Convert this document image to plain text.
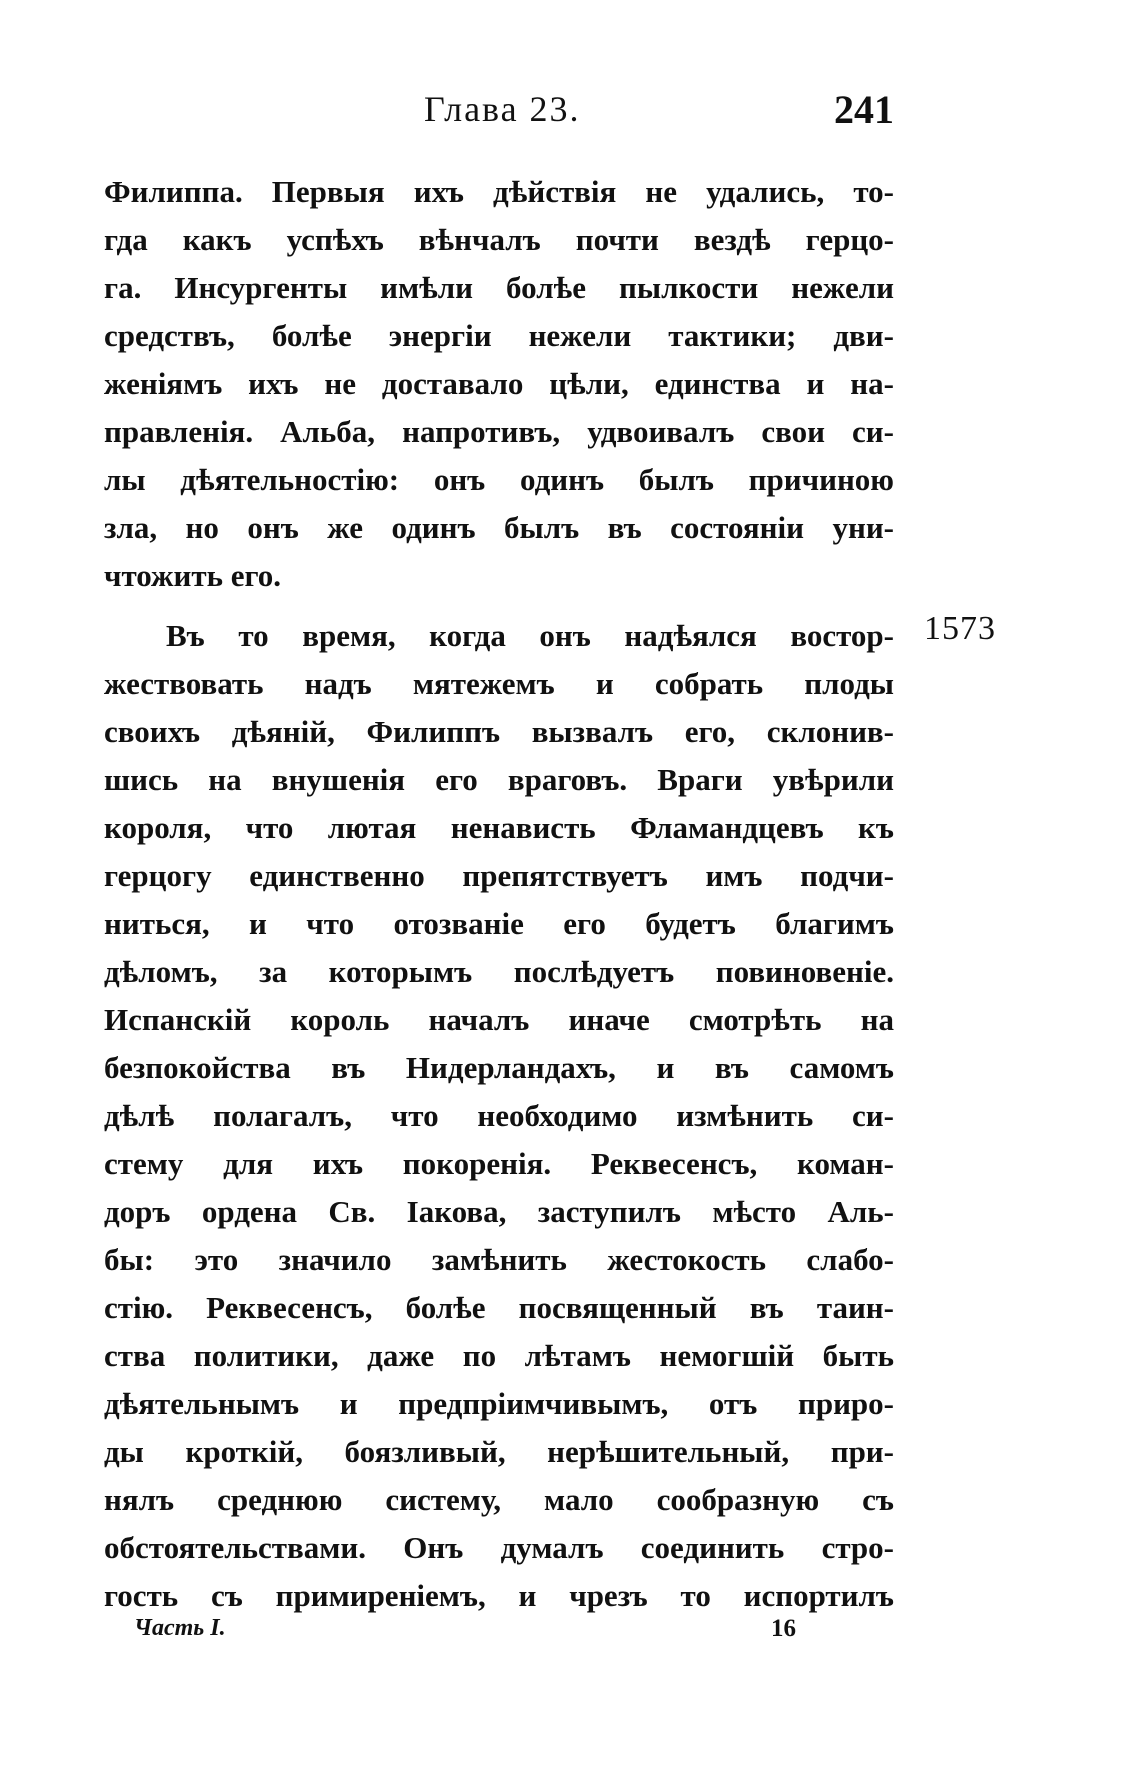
Глава 23.	241
1573
Филиппа. Первыя ихъ дѣйствія не удались, то-
гда какъ успѣхъ вѣнчалъ почти вездѣ герцо-
га. Инсургенты имѣли болѣе пылкости нежели
средствъ, болѣе энергіи нежели тактики; дви-
женіямъ ихъ не доставало цѣли, единства и на-
правленія. Альба, напротивъ, удвоивалъ свои си-
лы дѣятельностію: онъ одинъ былъ причиною
зла, но онъ же одинъ былъ въ состояніи уни-
чтожить его.
Въ то время, когда онъ надѣялся востор-
жествовать надъ мятежемъ и собрать плоды
своихъ дѣяній, Филиппъ вызвалъ его, склонив-
шись на внушенія его враговъ. Враги увѣрили
короля, что лютая ненависть Фламандцевъ къ
герцогу единственно препятствуетъ имъ подчи-
ниться, и что отозваніе его будетъ благимъ
дѣломъ, за которымъ послѣдуетъ повиновеніе.
Испанскій король началъ иначе смотрѣть на
безпокойства въ Нидерландахъ, и въ самомъ
дѣлѣ полагалъ, что необходимо измѣнить си-
стему для ихъ покоренія. Реквесенсъ, коман-
доръ ордена Св. Іакова, заступилъ мѣсто Аль-
бы: это значило замѣнить жестокость слабо-
стію. Реквесенсъ, болѣе посвященный въ таин-
ства политики, даже по лѣтамъ немогшій быть
дѣятельнымъ и предпріимчивымъ, отъ приро-
ды кроткій, боязливый, нерѣшительный, при-
нялъ среднюю систему, мало сообразную съ
обстоятельствами. Онъ думалъ соединить стро-
гость съ примиреніемъ, и чрезъ то испортилъ
Часть I.	16
